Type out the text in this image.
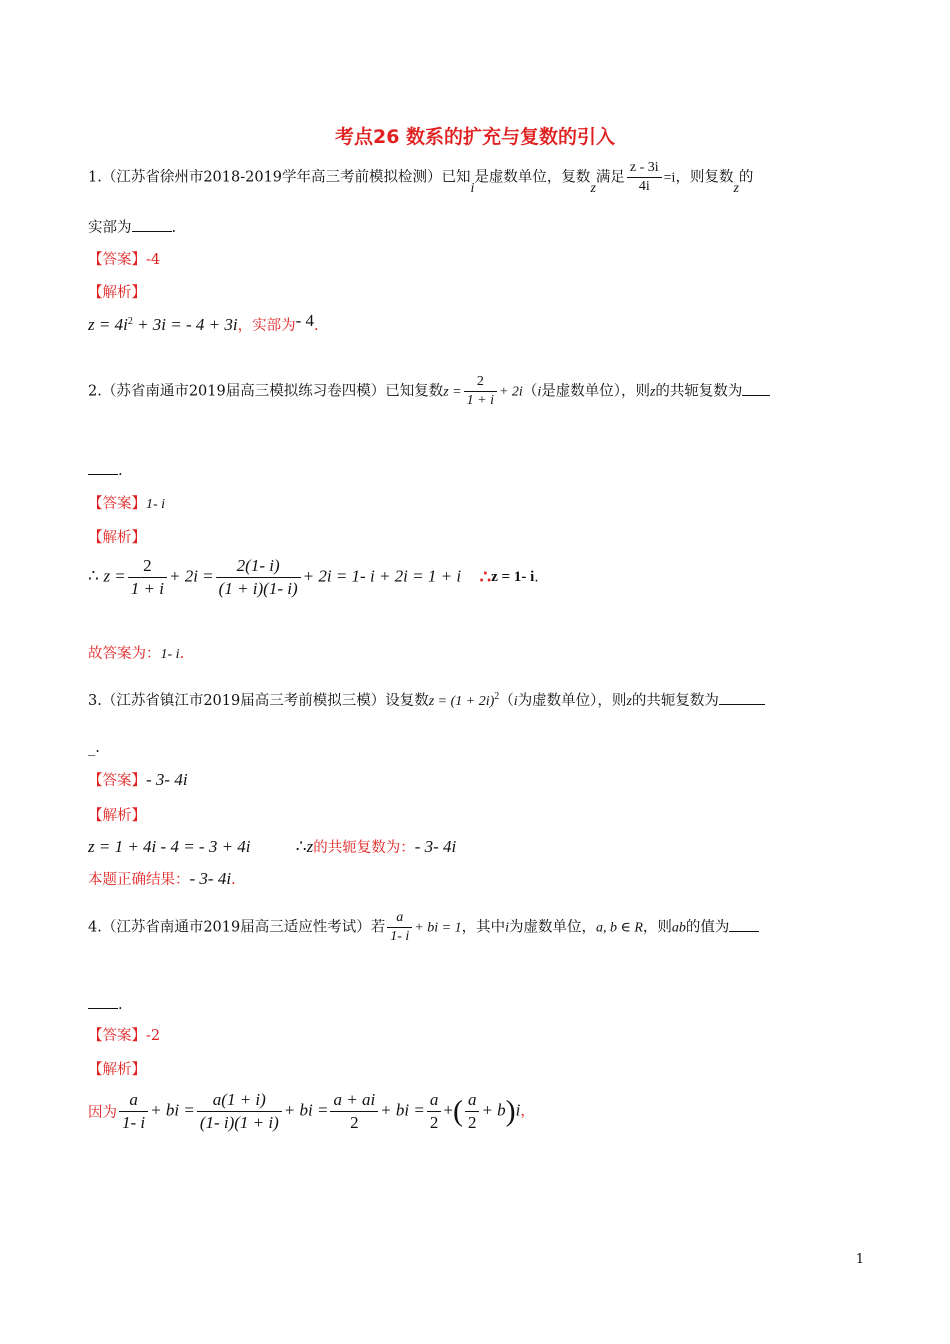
考点26 数系的扩充与复数的引入
1.（江苏省徐州市2018-2019学年高三考前模拟检测）已知i是虚数单位，复数z满足 $\frac{z - 3i}{4i} =i$，则复数z的
实部为	.
【答案】-4
【解析】
$z = 4i^2 + 3i$ = - 4 + 3i，实部为- 4.
2.（苏省南通市2019届高三模拟练习卷四模）已知复数$z = \frac{2}{1 + i} + 2i(i$是虚数单位），则z的共轭复数为
.
【答案】1- i
【解析】
∴ $z = \frac{2}{1 + i} + 2i = \frac{2(1- i)}{(1 + i)(1- i)} + 2i = 1-$ i + 2i = 1 + i ∴z = 1- i.
故答案为：1- i.
3.（江苏省镇江市2019届高三考前模拟三模）设复数$z = (1 + 2i)^2(i$为虚数单位），则z的共轭复数为
_.
【答案】- 3- 4i
【解析】
z = 1 + 4i - 4 = - 3 + 4i	∴z的共轭复数为：- 3- 4i
本题正确结果：- 3- 4i.
4.（江苏省南通市2019届高三适应性考试）若 $\frac{a}{1- i}$ + bi = 1，其中i为虚数单位，a, b ∈ R，则ab的值为
.
【答案】-2
【解析】
因为 $\frac{a}{1- i}$ + bi = $\frac{a(1 + i)}{(1- i)(1 + i)}$ + bi = $\frac{a + ai}{2}$ + bi = $\frac{a}{2}$ +( $\frac{a}{2} + b)i$，
1
